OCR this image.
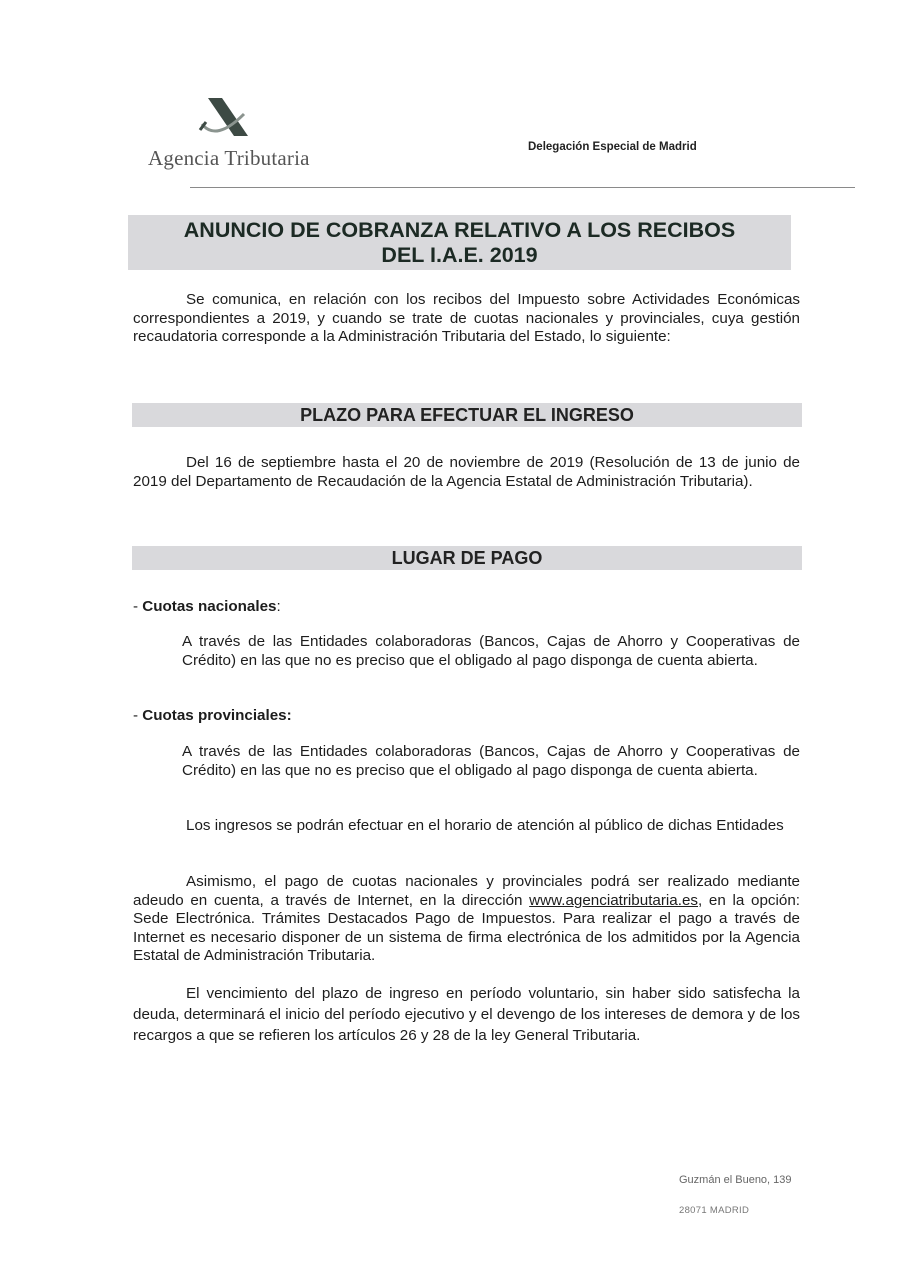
Agencia Tributaria	Delegación Especial de Madrid
ANUNCIO DE COBRANZA RELATIVO A LOS RECIBOS
DEL I.A.E. 2019
Se comunica, en relación con los recibos del Impuesto sobre Actividades Económicas correspondientes a 2019, y cuando se trate de cuotas nacionales y provinciales, cuya gestión recaudatoria corresponde a la Administración Tributaria del Estado, lo siguiente:
PLAZO PARA EFECTUAR EL INGRESO
Del 16 de septiembre hasta el 20 de noviembre de 2019 (Resolución de 13 de junio de 2019 del Departamento de Recaudación de la Agencia Estatal de Administración Tributaria).
LUGAR DE PAGO
- Cuotas nacionales:
A través de las Entidades colaboradoras (Bancos, Cajas de Ahorro y Cooperativas de Crédito) en las que no es preciso que el obligado al pago disponga de cuenta abierta.
- Cuotas provinciales:
A través de las Entidades colaboradoras (Bancos, Cajas de Ahorro y Cooperativas de Crédito) en las que no es preciso que el obligado al pago disponga de cuenta abierta.
Los ingresos se podrán efectuar en el horario de atención al público de dichas Entidades
Asimismo, el pago de cuotas nacionales y provinciales podrá ser realizado mediante adeudo en cuenta, a través de Internet, en la dirección www.agenciatributaria.es, en la opción: Sede Electrónica. Trámites Destacados Pago de Impuestos. Para realizar el pago a través de Internet es necesario disponer de un sistema de firma electrónica de los admitidos por la Agencia Estatal de Administración Tributaria.
El vencimiento del plazo de ingreso en período voluntario, sin haber sido satisfecha la deuda, determinará el inicio del período ejecutivo y el devengo de los intereses de demora y de los recargos a que se refieren los artículos 26 y 28 de la ley General Tributaria.
Guzmán el Bueno, 139
28071 MADRID
